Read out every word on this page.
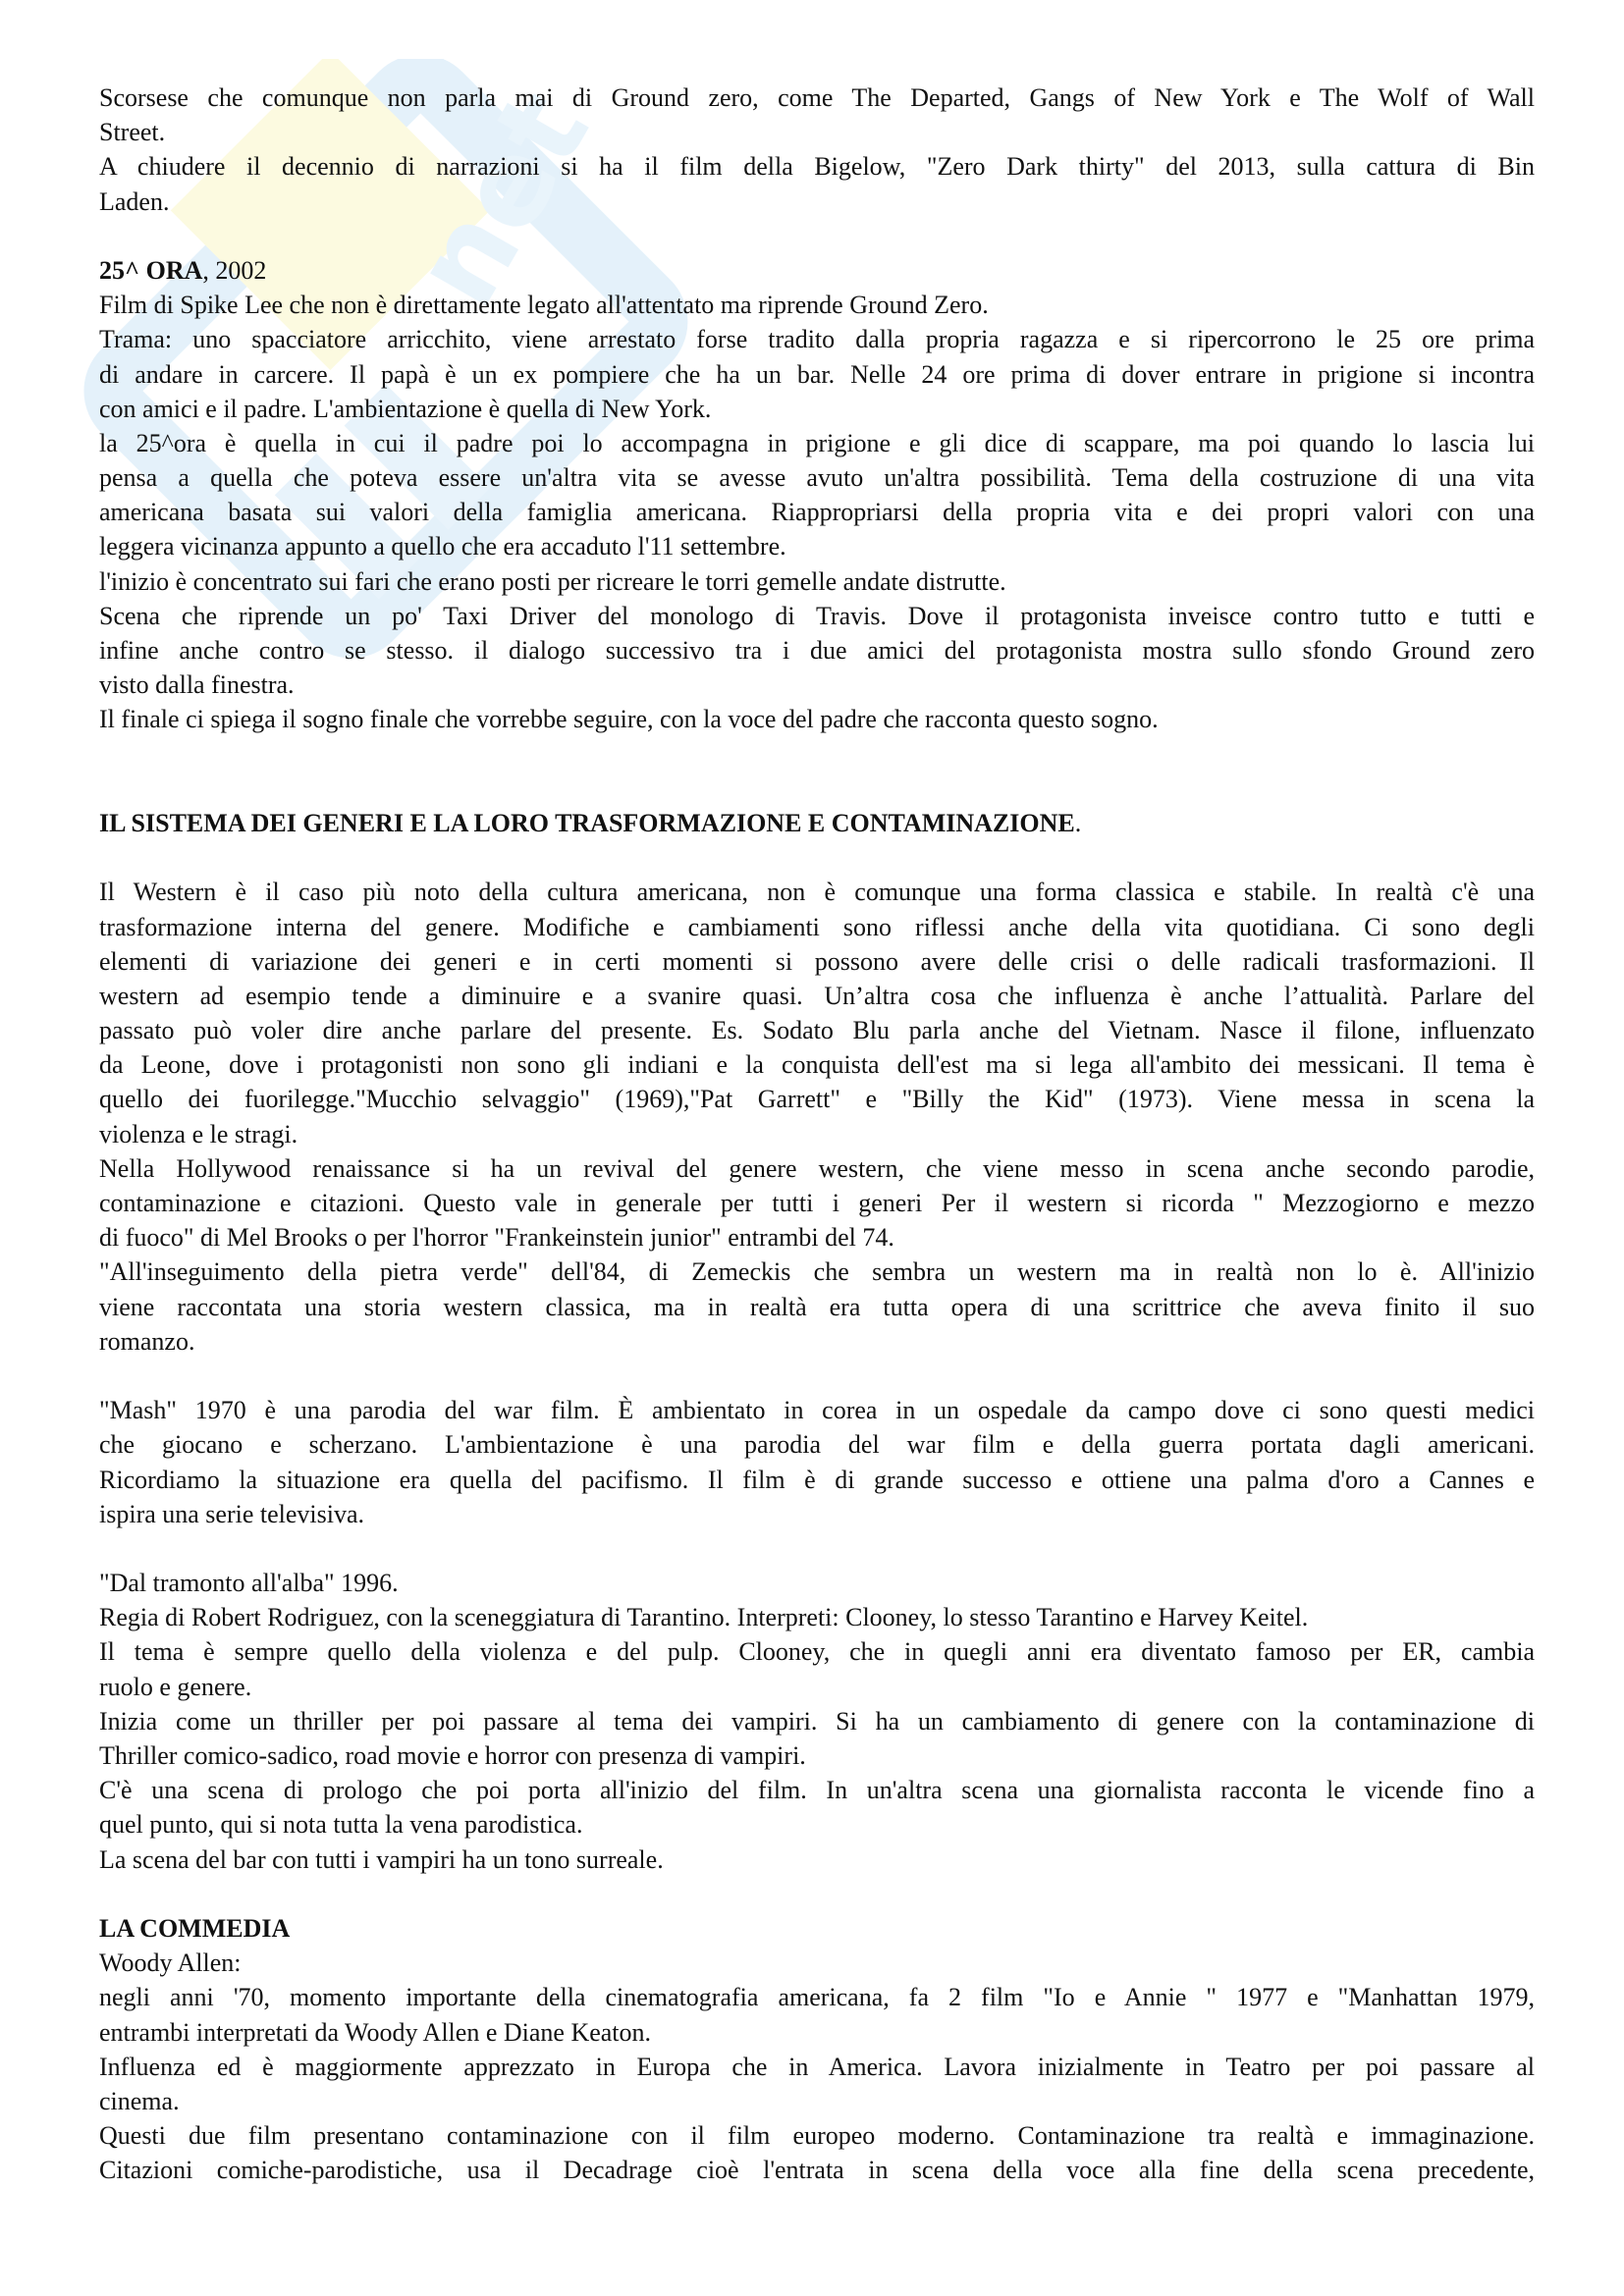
net
Scorsese che comunque non parla mai di Ground zero, come The Departed, Gangs of New York e The Wolf of Wall
Street.
A chiudere il decennio di narrazioni si ha il film della Bigelow, "Zero Dark thirty" del 2013, sulla cattura di Bin
Laden.
25^ ORA, 2002
Film di Spike Lee che non è direttamente legato all'attentato ma riprende Ground Zero.
Trama: uno spacciatore arricchito, viene arrestato forse tradito dalla propria ragazza e si ripercorrono le 25 ore prima
di andare in carcere. Il papà è un ex pompiere che ha un bar. Nelle 24 ore prima di dover entrare in prigione si incontra
con amici e il padre. L'ambientazione è quella di New York.
la 25^ora è quella in cui il padre poi lo accompagna in prigione e gli dice di scappare, ma poi quando lo lascia lui
pensa a quella che poteva essere un'altra vita se avesse avuto un'altra possibilità. Tema della costruzione di una vita
americana basata sui valori della famiglia americana. Riappropriarsi della propria vita e dei propri valori con una
leggera vicinanza appunto a quello che era accaduto l'11 settembre.
l'inizio è concentrato sui fari che erano posti per ricreare le torri gemelle andate distrutte.
Scena che riprende un po' Taxi Driver del monologo di Travis. Dove il protagonista inveisce contro tutto e tutti e
infine anche contro se stesso. il dialogo successivo tra i due amici del protagonista mostra sullo sfondo Ground zero
visto dalla finestra.
Il finale ci spiega il sogno finale che vorrebbe seguire, con la voce del padre che racconta questo sogno.
IL SISTEMA DEI GENERI E LA LORO TRASFORMAZIONE E CONTAMINAZIONE.
Il Western è il caso più noto della cultura americana, non è comunque una forma classica e stabile. In realtà c'è una
trasformazione interna del genere. Modifiche e cambiamenti sono riflessi anche della vita quotidiana. Ci sono degli
elementi di variazione dei generi e in certi momenti si possono avere delle crisi o delle radicali trasformazioni. Il
western ad esempio tende a diminuire e a svanire quasi. Un’altra cosa che influenza è anche l’attualità. Parlare del
passato può voler dire anche parlare del presente. Es. Sodato Blu parla anche del Vietnam. Nasce il filone, influenzato
da Leone, dove i protagonisti non sono gli indiani e la conquista dell'est ma si lega all'ambito dei messicani. Il tema è
quello dei fuorilegge."Mucchio selvaggio" (1969),"Pat Garrett" e "Billy the Kid" (1973). Viene messa in scena la
violenza e le stragi.
Nella Hollywood renaissance si ha un revival del genere western, che viene messo in scena anche secondo parodie,
contaminazione e citazioni. Questo vale in generale per tutti i generi Per il western si ricorda " Mezzogiorno e mezzo
di fuoco" di Mel Brooks o per l'horror "Frankeinstein junior" entrambi del 74.
"All'inseguimento della pietra verde" dell'84, di Zemeckis che sembra un western ma in realtà non lo è. All'inizio
viene raccontata una storia western classica, ma in realtà era tutta opera di una scrittrice che aveva finito il suo
romanzo.
"Mash" 1970 è una parodia del war film. È ambientato in corea in un ospedale da campo dove ci sono questi medici
che giocano e scherzano. L'ambientazione è una parodia del war film e della guerra portata dagli americani.
Ricordiamo la situazione era quella del pacifismo. Il film è di grande successo e ottiene una palma d'oro a Cannes e
ispira una serie televisiva.
"Dal tramonto all'alba" 1996.
Regia di Robert Rodriguez, con la sceneggiatura di Tarantino. Interpreti: Clooney, lo stesso Tarantino e Harvey Keitel.
Il tema è sempre quello della violenza e del pulp. Clooney, che in quegli anni era diventato famoso per ER, cambia
ruolo e genere.
Inizia come un thriller per poi passare al tema dei vampiri. Si ha un cambiamento di genere con la contaminazione di
Thriller comico-sadico, road movie e horror con presenza di vampiri.
C'è una scena di prologo che poi porta all'inizio del film. In un'altra scena una giornalista racconta le vicende fino a
quel punto, qui si nota tutta la vena parodistica.
La scena del bar con tutti i vampiri ha un tono surreale.
LA COMMEDIA
Woody Allen:
negli anni '70, momento importante della cinematografia americana, fa 2 film "Io e Annie " 1977 e "Manhattan 1979,
entrambi interpretati da Woody Allen e Diane Keaton.
Influenza ed è maggiormente apprezzato in Europa che in America. Lavora inizialmente in Teatro per poi passare al
cinema.
Questi due film presentano contaminazione con il film europeo moderno. Contaminazione tra realtà e immaginazione.
Citazioni comiche-parodistiche, usa il Decadrage cioè l'entrata in scena della voce alla fine della scena precedente,
